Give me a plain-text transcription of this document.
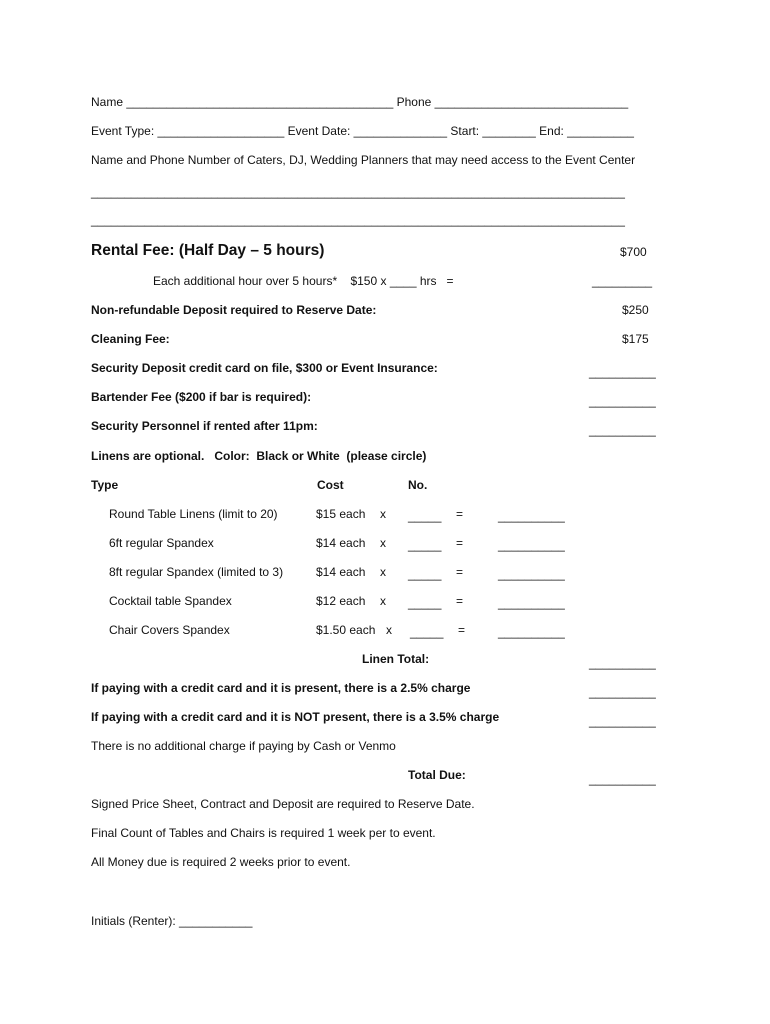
Name ________________________________________ Phone _____________________________
Event Type: ___________________ Event Date: ______________ Start: ________ End: __________
Name and Phone Number of Caters, DJ, Wedding Planners that may need access to the Event Center
________________________________________________________________________________
________________________________________________________________________________
Rental Fee: (Half Day – 5 hours)	$700
Each additional hour over 5 hours*    $150 x ____ hrs   =	_________
Non-refundable Deposit required to Reserve Date:	$250
Cleaning Fee:	$175
Security Deposit credit card on file, $300 or Event Insurance:	__________
Bartender Fee ($200 if bar is required):	__________
Security Personnel if rented after 11pm:	__________
Linens are optional.   Color:  Black or White  (please circle)
Type	Cost	No.
Round Table Linens (limit to 20)	$15 each x _____ =	__________
6ft regular Spandex	$14 each x _____ =	__________
8ft regular Spandex (limited to 3)	$14 each x _____ =	__________
Cocktail table Spandex	$12 each x _____ =	__________
Chair Covers Spandex	$1.50 each x _____ =	__________
Linen Total:	__________
If paying with a credit card and it is present, there is a 2.5% charge	__________
If paying with a credit card and it is NOT present, there is a 3.5% charge	__________
There is no additional charge if paying by Cash or Venmo
Total Due:	__________
Signed Price Sheet, Contract and Deposit are required to Reserve Date.
Final Count of Tables and Chairs is required 1 week per to event.
All Money due is required 2 weeks prior to event.
Initials (Renter): ___________
